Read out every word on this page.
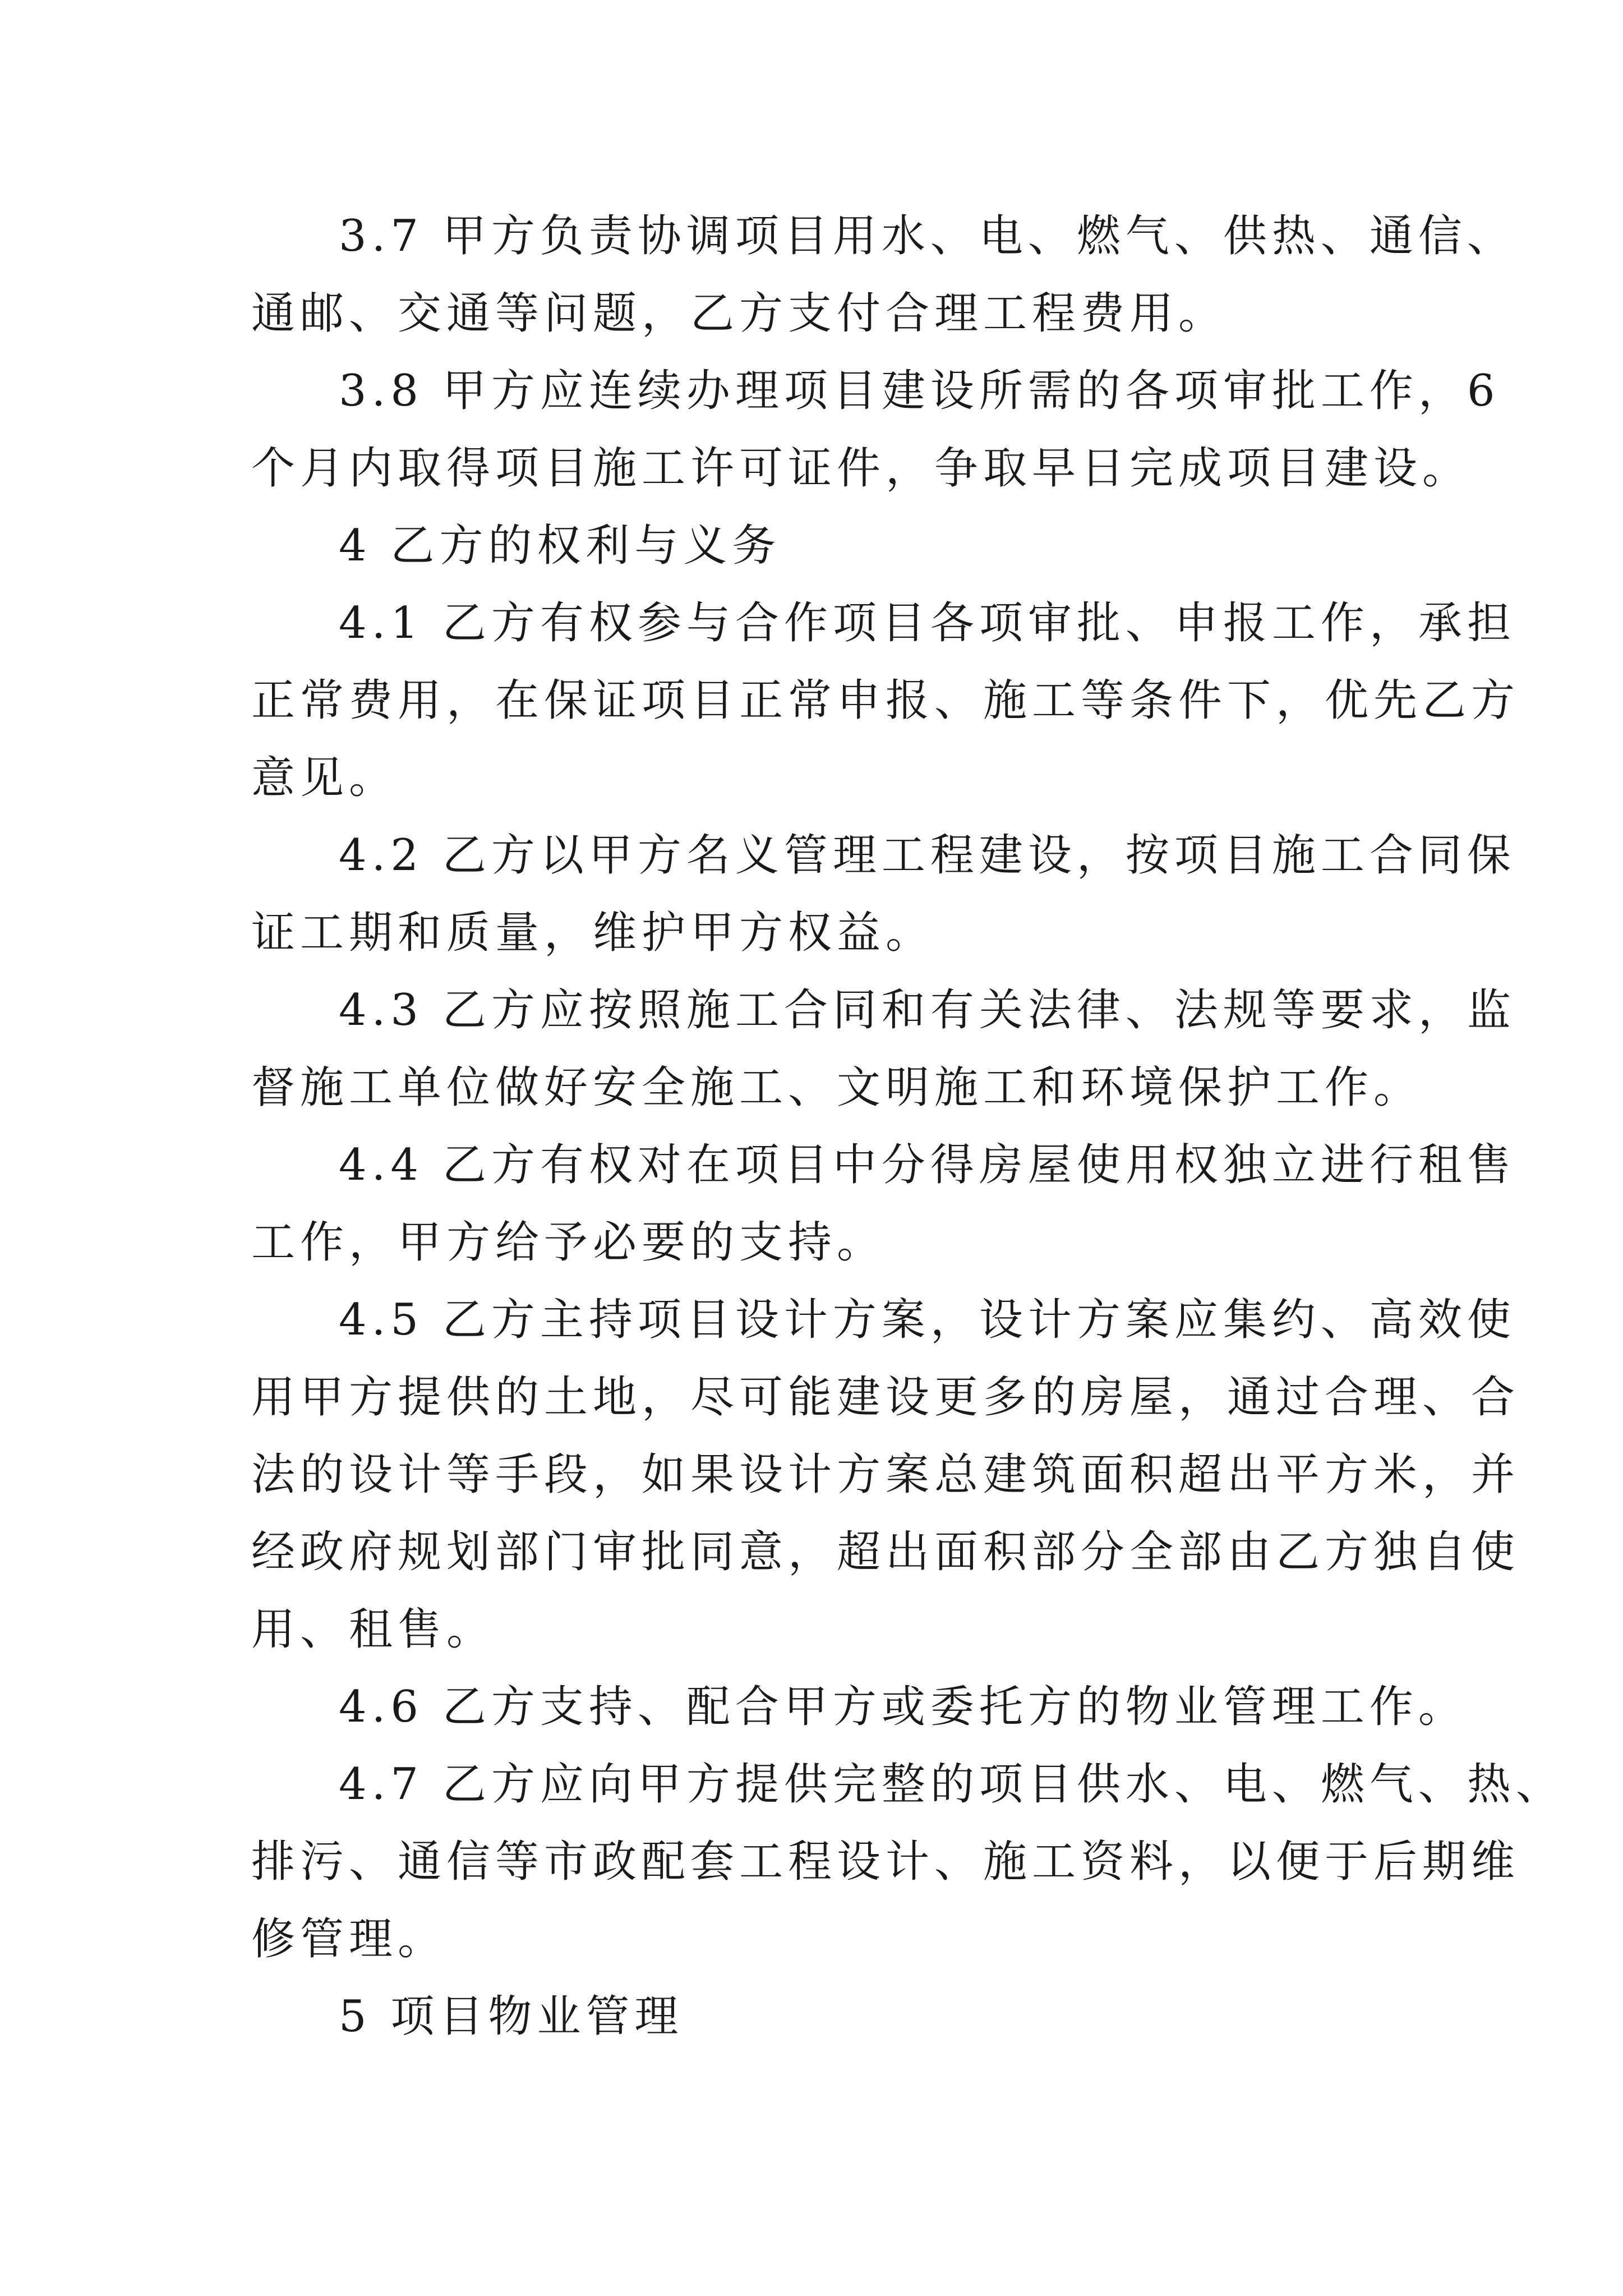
3.7 甲方负责协调项目用水、电、燃气、供热、通信、
通邮、交通等问题，乙方支付合理工程费用。
3.8 甲方应连续办理项目建设所需的各项审批工作，6
个月内取得项目施工许可证件，争取早日完成项目建设。
4 乙方的权利与义务
4.1 乙方有权参与合作项目各项审批、申报工作，承担
正常费用，在保证项目正常申报、施工等条件下，优先乙方
意见。
4.2 乙方以甲方名义管理工程建设，按项目施工合同保
证工期和质量，维护甲方权益。
4.3 乙方应按照施工合同和有关法律、法规等要求，监
督施工单位做好安全施工、文明施工和环境保护工作。
4.4 乙方有权对在项目中分得房屋使用权独立进行租售
工作，甲方给予必要的支持。
4.5 乙方主持项目设计方案，设计方案应集约、高效使
用甲方提供的土地，尽可能建设更多的房屋，通过合理、合
法的设计等手段，如果设计方案总建筑面积超出平方米，并
经政府规划部门审批同意，超出面积部分全部由乙方独自使
用、租售。
4.6 乙方支持、配合甲方或委托方的物业管理工作。
4.7 乙方应向甲方提供完整的项目供水、电、燃气、热、
排污、通信等市政配套工程设计、施工资料，以便于后期维
修管理。
5 项目物业管理
